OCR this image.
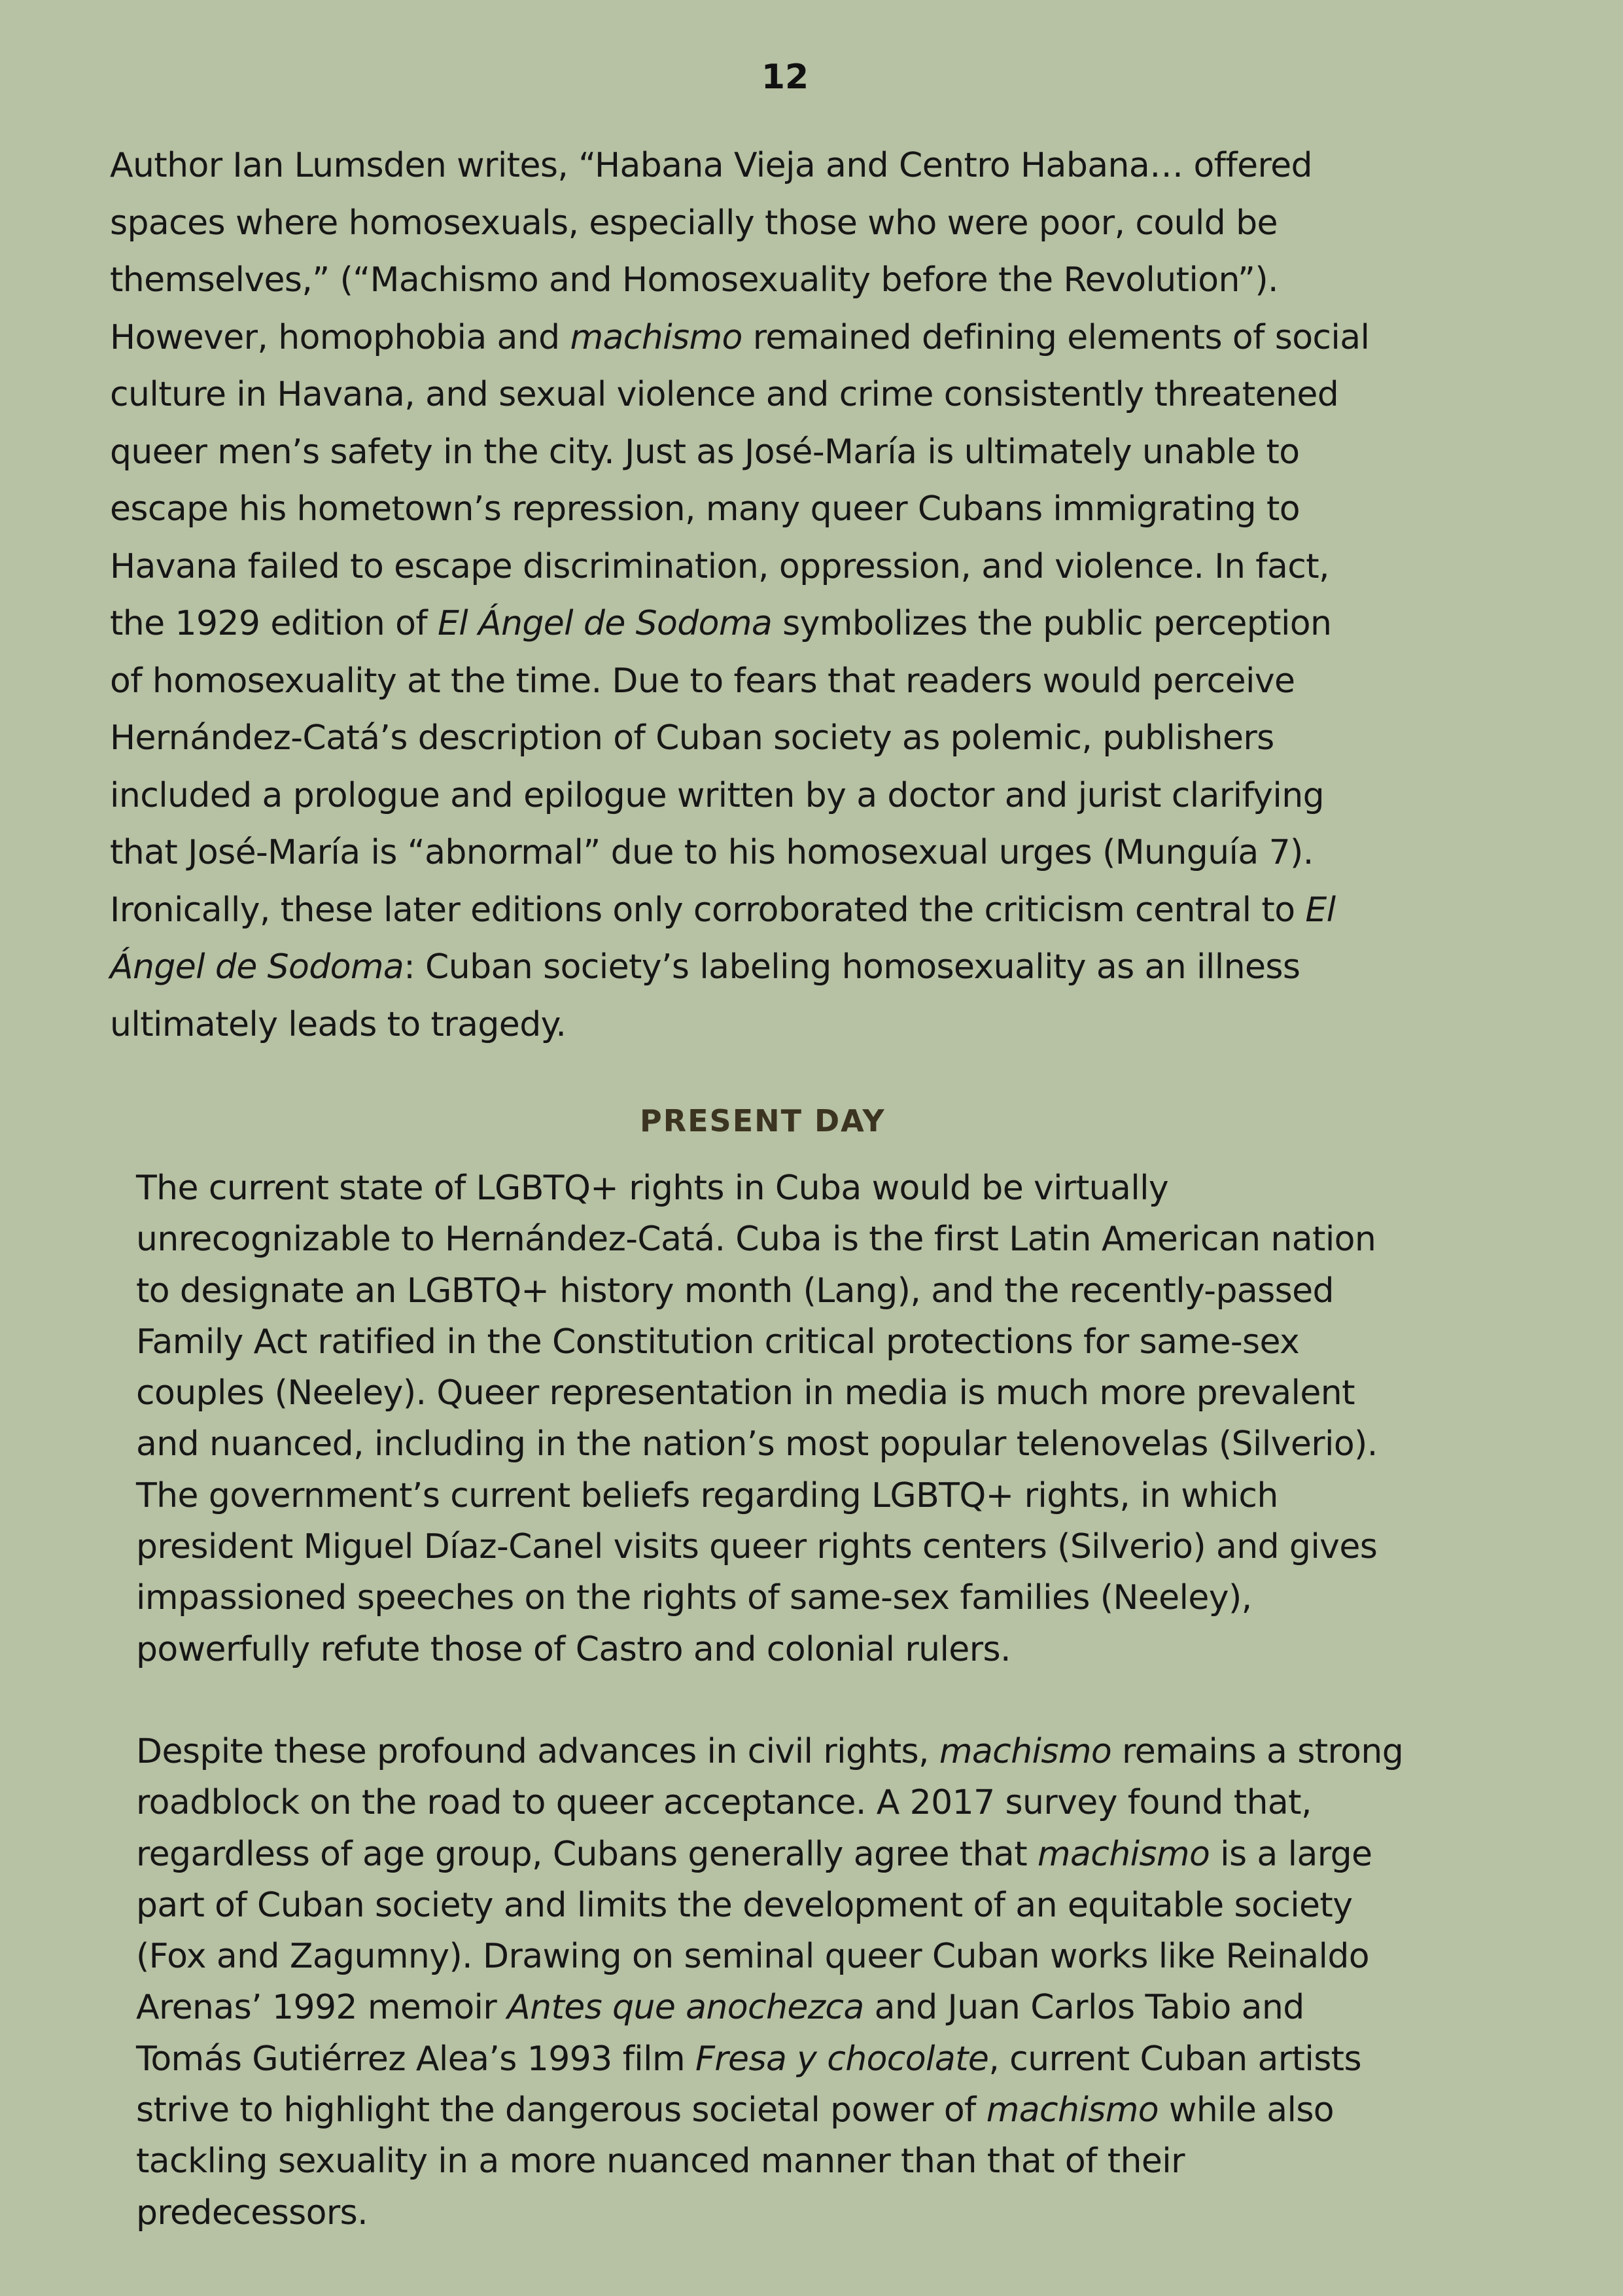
12
Author Ian Lumsden writes, “Habana Vieja and Centro Habana… offered
spaces where homosexuals, especially those who were poor, could be
themselves,” (“Machismo and Homosexuality before the Revolution”).
However, homophobia and machismo remained defining elements of social
culture in Havana, and sexual violence and crime consistently threatened
queer men’s safety in the city. Just as José-María is ultimately unable to
escape his hometown’s repression, many queer Cubans immigrating to
Havana failed to escape discrimination, oppression, and violence. In fact,
the 1929 edition of El Ángel de Sodoma symbolizes the public perception
of homosexuality at the time. Due to fears that readers would perceive
Hernández-Catá’s description of Cuban society as polemic, publishers
included a prologue and epilogue written by a doctor and jurist clarifying
that José-María is “abnormal” due to his homosexual urges (Munguía 7).
Ironically, these later editions only corroborated the criticism central to El
Ángel de Sodoma: Cuban society’s labeling homosexuality as an illness
ultimately leads to tragedy.
PRESENT DAY
The current state of LGBTQ+ rights in Cuba would be virtually
unrecognizable to Hernández-Catá. Cuba is the first Latin American nation
to designate an LGBTQ+ history month (Lang), and the recently-passed
Family Act ratified in the Constitution critical protections for same-sex
couples (Neeley). Queer representation in media is much more prevalent
and nuanced, including in the nation’s most popular telenovelas (Silverio).
The government’s current beliefs regarding LGBTQ+ rights, in which
president Miguel Díaz-Canel visits queer rights centers (Silverio) and gives
impassioned speeches on the rights of same-sex families (Neeley),
powerfully refute those of Castro and colonial rulers.
Despite these profound advances in civil rights, machismo remains a strong
roadblock on the road to queer acceptance. A 2017 survey found that,
regardless of age group, Cubans generally agree that machismo is a large
part of Cuban society and limits the development of an equitable society
(Fox and Zagumny). Drawing on seminal queer Cuban works like Reinaldo
Arenas’ 1992 memoir Antes que anochezca and Juan Carlos Tabio and
Tomás Gutiérrez Alea’s 1993 film Fresa y chocolate, current Cuban artists
strive to highlight the dangerous societal power of machismo while also
tackling sexuality in a more nuanced manner than that of their
predecessors.
